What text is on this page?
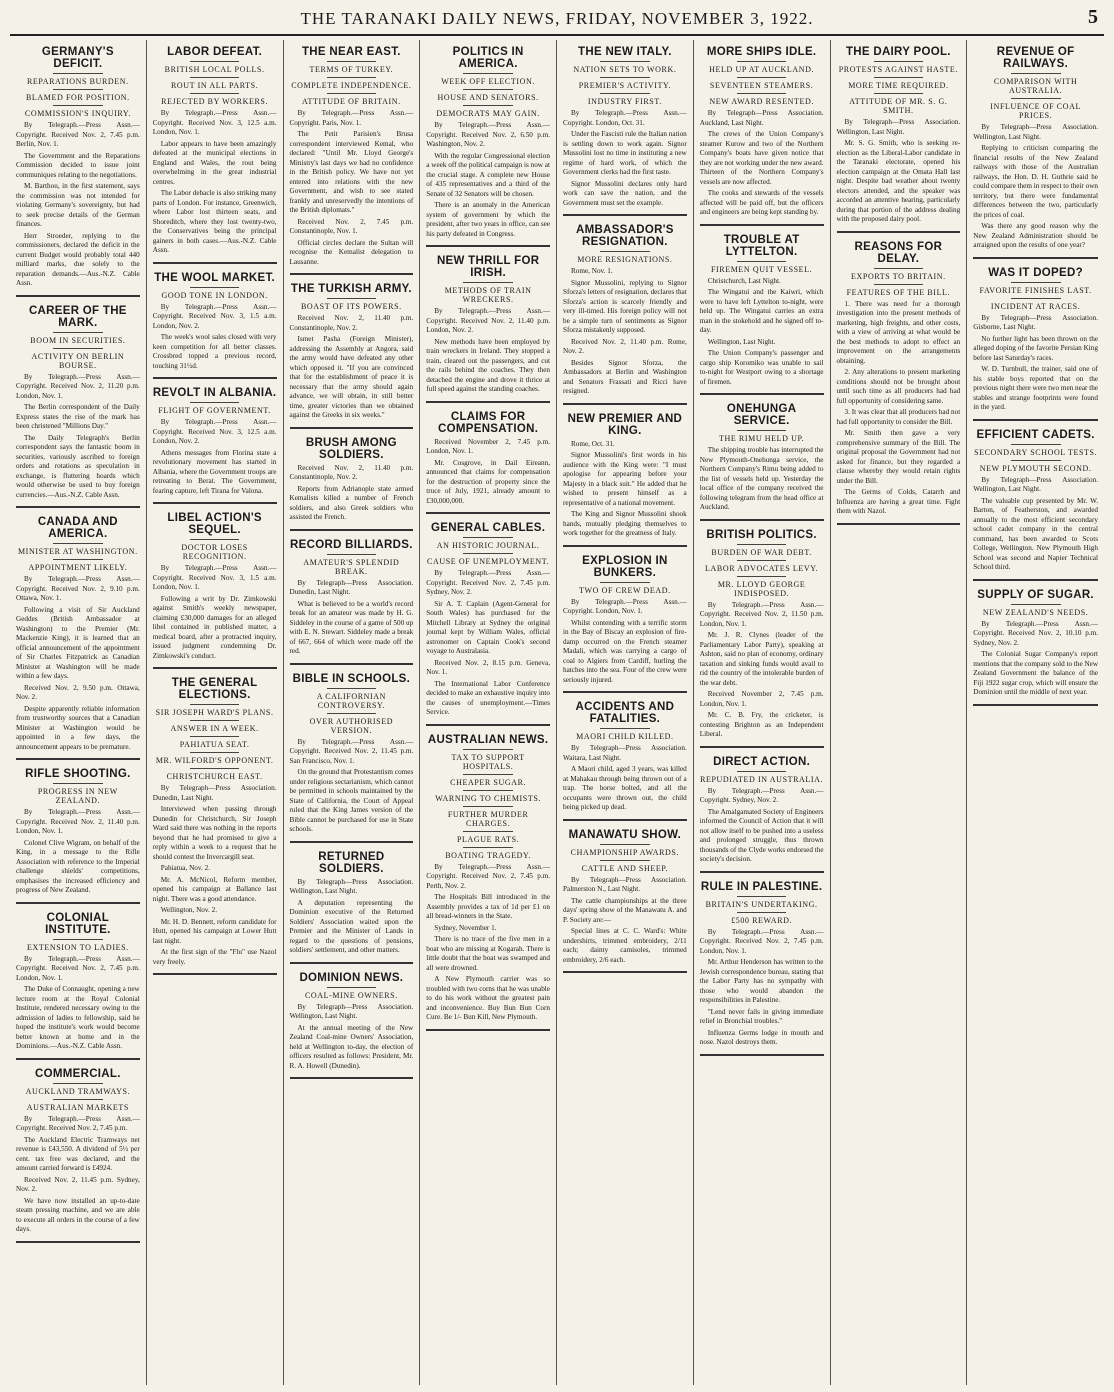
THE TARANAKI DAILY NEWS, FRIDAY, NOVEMBER 3, 1922.	5
GERMANY'S DEFICIT.
REPARATIONS BURDEN.
BLAMED FOR POSITION.
COMMISSION'S INQUIRY.

By Telegraph.—Press Assn.—Copyright. Received Nov. 2, 7.45 p.m. Berlin, Nov. 1.

The Government and the Reparations Commission decided to issue joint communiques relating to the negotiations.

M. Barthou, in the first statement, says the commission was not intended for violating Germany's sovereignty, but had to seek precise details of the German finances.

Herr Stroeder, replying to the commissioners, declared the deficit in the current Budget would probably total 440 milliard marks, due solely to the reparation demands.—Aus.-N.Z. Cable Assn.

CAREER OF THE MARK.
BOOM IN SECURITIES.
ACTIVITY ON BERLIN BOURSE.

By Telegraph.—Press Assn.—Copyright. Received Nov. 2, 11.20 p.m. London, Nov. 1.

The Berlin correspondent of the Daily Express states the rise of the mark has been christened "Millions Day."

The Daily Telegraph's Berlin correspondent says the fantastic boom in securities, variously ascribed to foreign orders and rotations as speculation in exchange, is fluttering hoards which would otherwise be used to buy foreign currencies.—Aus.-N.Z. Cable Assn.

CANADA AND AMERICA.
MINISTER AT WASHINGTON.
APPOINTMENT LIKELY.

By Telegraph.—Press Assn.—Copyright. Received Nov. 2, 9.10 p.m. Ottawa, Nov. 1.

Following a visit of Sir Auckland Geddes (British Ambassador at Washington) to the Premier (Mr. Mackenzie King), it is learned that an official announcement of the appointment of Sir Charles Fitzpatrick as Canadian Minister at Washington will be made within a few days.

Received Nov. 2, 9.50 p.m. Ottawa, Nov. 2.

Despite apparently reliable information from trustworthy sources that a Canadian Minister at Washington would be appointed in a few days, the announcement appears to be premature.

RIFLE SHOOTING.
PROGRESS IN NEW ZEALAND.

By Telegraph.—Press Assn.—Copyright. Received Nov. 2, 11.40 p.m. London, Nov. 1.

Colonel Clive Wigram, on behalf of the King, in a message to the Rifle Association with reference to the Imperial challenge shields' competitions, emphasises the increased efficiency and progress of New Zealand.

COLONIAL INSTITUTE.
EXTENSION TO LADIES.

By Telegraph.—Press Assn.—Copyright. Received Nov. 2, 7.45 p.m. London, Nov. 1.

The Duke of Connaught, opening a new lecture room at the Royal Colonial Institute, rendered necessary owing to the admission of ladies to fellowship, said he hoped the institute's work would become better known at home and in the Dominions.—Aus.-N.Z. Cable Assn.

COMMERCIAL.
AUCKLAND TRAMWAYS.
AUSTRALIAN MARKETS

By Telegraph.—Press Assn.—Copyright. Received Nov. 2, 7.45 p.m.

The Auckland Electric Tramways net revenue is £43,550. A dividend of 5½ per cent. tax free was declared, and the amount carried forward is £4924.

Received Nov. 2, 11.45 p.m. Sydney, Nov. 2.

We have now installed an up-to-date steam pressing machine, and we are able to execute all orders in the course of a few days.

LABOR DEFEAT.
BRITISH LOCAL POLLS.
ROUT IN ALL PARTS.
REJECTED BY WORKERS.

By Telegraph.—Press Assn.—Copyright. Received Nov. 3, 12.5 a.m. London, Nov. 1.

Labor appears to have been amazingly defeated at the municipal elections in England and Wales, the rout being overwhelming in the great industrial centres.

The Labor debacle is also striking many parts of London. For instance, Greenwich, where Labor lost thirteen seats, and Shoreditch, where they lost twenty-two, the Conservatives being the principal gainers in both cases.—Aus.-N.Z. Cable Assn.

THE WOOL MARKET.
GOOD TONE IN LONDON.

By Telegraph.—Press Assn.—Copyright. Received Nov. 3, 1.5 a.m. London, Nov. 2.

The week's wool sales closed with very keen competition for all better classes. Crossbred topped a previous record, touching 31½d.

REVOLT IN ALBANIA.
FLIGHT OF GOVERNMENT.

By Telegraph.—Press Assn.—Copyright. Received Nov. 3, 12.5 a.m. London, Nov. 2.

Athens messages from Florina state a revolutionary movement has started in Albania, where the Government troops are retreating to Berat. The Government, fearing capture, left Tirana for Valona.

LIBEL ACTION'S SEQUEL.
DOCTOR LOSES RECOGNITION.

By Telegraph.—Press Assn.—Copyright. Received Nov. 3, 1.5 a.m. London, Nov. 1.

Following a writ by Dr. Zimkowski against Smith's weekly newspaper, claiming £30,000 damages for an alleged libel contained in published matter, a medical board, after a protracted inquiry, issued judgment condemning Dr. Zimkowski's conduct.

THE GENERAL ELECTIONS.
SIR JOSEPH WARD'S PLANS.
ANSWER IN A WEEK.
PAHIATUA SEAT.
MR. WILFORD'S OPPONENT.
CHRISTCHURCH EAST.

By Telegraph—Press Association. Dunedin, Last Night.

Interviewed when passing through Dunedin for Christchurch, Sir Joseph Ward said there was nothing in the reports beyond that he had promised to give a reply within a week to a request that he should contest the Invercargill seat.

Pahiatua, Nov. 2.

Mr. A. McNicol, Reform member, opened his campaign at Ballance last night. There was a good attendance.

Wellington, Nov. 2.

Mr. H. D. Bennett, reform candidate for Hutt, opened his campaign at Lower Hutt last night.

At the first sign of the "Flu" use Nazol very freely.

THE NEAR EAST.
TERMS OF TURKEY.
COMPLETE INDEPENDENCE.
ATTITUDE OF BRITAIN.

By Telegraph.—Press Assn.—Copyright. Paris, Nov. 1.

The Petit Parisien's Brusa correspondent interviewed Kemal, who declared: "Until Mr. Lloyd George's Ministry's last days we had no confidence in the British policy. We have not yet entered into relations with the new Government, and wish to see stated frankly and unreservedly the intentions of the British diplomats."

Received Nov. 2, 7.45 p.m. Constantinople, Nov. 1.

Official circles declare the Sultan will recognise the Kemalist delegation to Lausanne.

THE TURKISH ARMY.
BOAST OF ITS POWERS.

Received Nov. 2, 11.40 p.m. Constantinople, Nov. 2.

Ismet Pasha (Foreign Minister), addressing the Assembly at Angora, said the army would have defeated any other which opposed it. "If you are convinced that for the establishment of peace it is necessary that the army should again advance, we will obtain, in still better time, greater victories than we obtained against the Greeks in six weeks."

BRUSH AMONG SOLDIERS.

Received Nov. 2, 11.40 p.m. Constantinople, Nov. 2.

Reports from Adrianople state armed Kemalists killed a number of French soldiers, and also Greek soldiers who assisted the French.

RECORD BILLIARDS.
AMATEUR'S SPLENDID BREAK.

By Telegraph—Press Association. Dunedin, Last Night.

What is believed to be a world's record break for an amateur was made by H. G. Siddeley in the course of a game of 500 up with E. N. Stewart. Siddeley made a break of 667, 664 of which were made off the red.

BIBLE IN SCHOOLS.
A CALIFORNIAN CONTROVERSY.
OVER AUTHORISED VERSION.

By Telegraph.—Press Assn.—Copyright. Received Nov. 2, 11.45 p.m. San Francisco, Nov. 1.

On the ground that Protestantism comes under religious sectarianism, which cannot be permitted in schools maintained by the State of California, the Court of Appeal ruled that the King James version of the Bible cannot be purchased for use in State schools.

RETURNED SOLDIERS.

By Telegraph—Press Association. Wellington, Last Night.

A deputation representing the Dominion executive of the Returned Soldiers' Association waited upon the Premier and the Minister of Lands in regard to the questions of pensions, soldiers' settlement, and other matters.

DOMINION NEWS.
COAL-MINE OWNERS.

By Telegraph—Press Association. Wellington, Last Night.

At the annual meeting of the New Zealand Coal-mine Owners' Association, held at Wellington to-day, the election of officers resulted as follows: President, Mr. R. A. Howell (Dunedin).

POLITICS IN AMERICA.
WEEK OFF ELECTION.
HOUSE AND SENATORS.
DEMOCRATS MAY GAIN.

By Telegraph.—Press Assn.—Copyright. Received Nov. 2, 6.50 p.m. Washington, Nov. 2.

With the regular Congressional election a week off the political campaign is now at the crucial stage. A complete new House of 435 representatives and a third of the Senate of 32 Senators will be chosen.

There is an anomaly in the American system of government by which the president, after two years in office, can see his party defeated in Congress.

NEW THRILL FOR IRISH.
METHODS OF TRAIN WRECKERS.

By Telegraph.—Press Assn.—Copyright. Received Nov. 2, 11.40 p.m. London, Nov. 2.

New methods have been employed by train wreckers in Ireland. They stopped a train, cleared out the passengers, and cut the rails behind the coaches. They then detached the engine and drove it thrice at full speed against the standing coaches.

CLAIMS FOR COMPENSATION.

Received November 2, 7.45 p.m. London, Nov. 1.

Mr. Cosgrove, in Dail Eireann, announced that claims for compensation for the destruction of property since the truce of July, 1921, already amount to £30,000,000.

GENERAL CABLES.
AN HISTORIC JOURNAL.
CAUSE OF UNEMPLOYMENT.

By Telegraph.—Press Assn.—Copyright. Received Nov. 2, 7.45 p.m. Sydney, Nov. 2.

Sir A. T. Caplain (Agent-General for South Wales) has purchased for the Mitchell Library at Sydney the original journal kept by William Wales, official astronomer on Captain Cook's second voyage to Australasia.

Received Nov. 2, 8.15 p.m. Geneva, Nov. 1.

The International Labor Conference decided to make an exhaustive inquiry into the causes of unemployment.—Times Service.

AUSTRALIAN NEWS.
TAX TO SUPPORT HOSPITALS.
CHEAPER SUGAR.
WARNING TO CHEMISTS.
FURTHER MURDER CHARGES.
PLAGUE RATS.
BOATING TRAGEDY.

By Telegraph.—Press Assn.—Copyright. Received Nov. 2, 7.45 p.m. Perth, Nov. 2.

The Hospitals Bill introduced in the Assembly provides a tax of 1d per £1 on all bread-winners in the State.

Sydney, November 1.

There is no trace of the five men in a boat who are missing at Kogarah. There is little doubt that the boat was swamped and all were drowned.

A New Plymouth carrier was so troubled with two corns that he was unable to do his work without the greatest pain and inconvenience. Buy Bun Bun Corn Cure. Be 1/- Bun Kill, New Plymouth.

THE NEW ITALY.
NATION SETS TO WORK.
PREMIER'S ACTIVITY.
INDUSTRY FIRST.

By Telegraph.—Press Assn.—Copyright. London, Oct. 31.

Under the Fascisti rule the Italian nation is settling down to work again. Signor Mussolini lost no time in instituting a new regime of hard work, of which the Government clerks had the first taste.

Signor Mussolini declares only hard work can save the nation, and the Government must set the example.

AMBASSADOR'S RESIGNATION.
MORE RESIGNATIONS.

Rome, Nov. 1.

Signor Mussolini, replying to Signor Sforza's letters of resignation, declares that Sforza's action is scarcely friendly and very ill-timed. His foreign policy will not be a simple turn of sentiments as Signor Sforza mistakenly supposed.

Received Nov. 2, 11.40 p.m. Rome, Nov. 2.

Besides Signor Sforza, the Ambassadors at Berlin and Washington and Senators Frassati and Ricci have resigned.

NEW PREMIER AND KING.

Rome, Oct. 31.

Signor Mussolini's first words in his audience with the King were: "I must apologise for appearing before your Majesty in a black suit." He added that he wished to present himself as a representative of a national movement.

The King and Signor Mussolini shook hands, mutually pledging themselves to work together for the greatness of Italy.

EXPLOSION IN BUNKERS.
TWO OF CREW DEAD.

By Telegraph.—Press Assn.—Copyright. London, Nov. 1.

Whilst contending with a terrific storm in the Bay of Biscay an explosion of fire-damp occurred on the French steamer Madali, which was carrying a cargo of coal to Algiers from Cardiff, hurling the hatches into the sea. Four of the crew were seriously injured.

ACCIDENTS AND FATALITIES.
MAORI CHILD KILLED.

By Telegraph—Press Association. Waitara, Last Night.

A Maori child, aged 3 years, was killed at Mahakau through being thrown out of a trap. The horse bolted, and all the occupants were thrown out, the child being picked up dead.

MANAWATU SHOW.
CHAMPIONSHIP AWARDS.
CATTLE AND SHEEP.

By Telegraph—Press Association. Palmerston N., Last Night.

The cattle championships at the three days' spring show of the Manawatu A. and P. Society are:—

Special lines at C. C. Ward's: White undershirts, trimmed embroidery, 2/11 each; dainty camisoles, trimmed embroidery, 2/6 each.

MORE SHIPS IDLE.
HELD UP AT AUCKLAND.
SEVENTEEN STEAMERS.
NEW AWARD RESENTED.

By Telegraph—Press Association. Auckland, Last Night.

The crews of the Union Company's steamer Kurow and two of the Northern Company's boats have given notice that they are not working under the new award. Thirteen of the Northern Company's vessels are now affected.

The cooks and stewards of the vessels affected will be paid off, but the officers and engineers are being kept standing by.

TROUBLE AT LYTTELTON.
FIREMEN QUIT VESSEL.

Christchurch, Last Night.

The Wingatui and the Kaiwri, which were to have left Lyttelton to-night, were held up. The Wingatui carries an extra man in the stokehold and he signed off to-day.

Wellington, Last Night.

The Union Company's passenger and cargo ship Koromiko was unable to sail to-night for Westport owing to a shortage of firemen.

ONEHUNGA SERVICE.
THE RIMU HELD UP.

The shipping trouble has interrupted the New Plymouth-Onehunga service, the Northern Company's Rimu being added to the list of vessels held up. Yesterday the local office of the company received the following telegram from the head office at Auckland.

BRITISH POLITICS.
BURDEN OF WAR DEBT.
LABOR ADVOCATES LEVY.
MR. LLOYD GEORGE INDISPOSED.

By Telegraph.—Press Assn.—Copyright. Received Nov. 2, 11.50 p.m. London, Nov. 1.

Mr. J. R. Clynes (leader of the Parliamentary Labor Party), speaking at Ashton, said no plan of economy, ordinary taxation and sinking funds would avail to rid the country of the intolerable burden of the war debt.

Received November 2, 7.45 p.m. London, Nov. 1.

Mr. C. B. Fry, the cricketer, is contesting Brighton as an Independent Liberal.

DIRECT ACTION.
REPUDIATED IN AUSTRALIA.

By Telegraph.—Press Assn.—Copyright. Sydney, Nov. 2.

The Amalgamated Society of Engineers informed the Council of Action that it will not allow itself to be pushed into a useless and prolonged struggle, thus thrown thousands of the Clyde works endorsed the society's decision.

RULE IN PALESTINE.
BRITAIN'S UNDERTAKING.
£500 REWARD.

By Telegraph.—Press Assn.—Copyright. Received Nov. 2, 7.45 p.m. London, Nov. 1.

Mr. Arthur Henderson has written to the Jewish correspondence bureau, stating that the Labor Party has no sympathy with those who would abandon the responsibilities in Palestine.

"Lend never fails in giving immediate relief in Bronchial troubles."

Influenza Germs lodge in mouth and nose. Nazol destroys them.

THE DAIRY POOL.
PROTESTS AGAINST HASTE.
MORE TIME REQUIRED.
ATTITUDE OF MR. S. G. SMITH.

By Telegraph—Press Association. Wellington, Last Night.

Mr. S. G. Smith, who is seeking re-election as the Liberal-Labor candidate in the Taranaki electorate, opened his election campaign at the Omata Hall last night. Despite bad weather about twenty electors attended, and the speaker was accorded an attentive hearing, particularly during that portion of the address dealing with the proposed dairy pool.

REASONS FOR DELAY.
EXPORTS TO BRITAIN.
FEATURES OF THE BILL.

1. There was need for a thorough investigation into the present methods of marketing, high freights, and other costs, with a view of arriving at what would be the best methods to adopt to effect an improvement on the arrangements obtaining.

2. Any alterations to present marketing conditions should not be brought about until such time as all producers had had full opportunity of considering same.

3. It was clear that all producers had not had full opportunity to consider the Bill.

Mr. Smith then gave a very comprehensive summary of the Bill. The original proposal the Government had not asked for finance, but they regarded a clause whereby they would retain rights under the Bill.

The Germs of Colds, Catarrh and Influenza are having a great time. Fight them with Nazol.

REVENUE OF RAILWAYS.
COMPARISON WITH AUSTRALIA.
INFLUENCE OF COAL PRICES.

By Telegraph—Press Association. Wellington, Last Night.

Replying to criticism comparing the financial results of the New Zealand railways with those of the Australian railways, the Hon. D. H. Guthrie said he could compare them in respect to their own territory, but there were fundamental differences between the two, particularly the prices of coal.

Was there any good reason why the New Zealand Administration should be arraigned upon the results of one year?

WAS IT DOPED?
FAVORITE FINISHES LAST.
INCIDENT AT RACES.

By Telegraph—Press Association. Gisborne, Last Night.

No further light has been thrown on the alleged doping of the favorite Persian King before last Saturday's races.

W. D. Turnbull, the trainer, said one of his stable boys reported that on the previous night there were two men near the stables and strange footprints were found in the yard.

EFFICIENT CADETS.
SECONDARY SCHOOL TESTS.
NEW PLYMOUTH SECOND.

By Telegraph—Press Association. Wellington, Last Night.

The valuable cup presented by Mr. W. Barton, of Featherston, and awarded annually to the most efficient secondary school cadet company in the central command, has been awarded to Scots College, Wellington. New Plymouth High School was second and Napier Technical School third.

SUPPLY OF SUGAR.
NEW ZEALAND'S NEEDS.

By Telegraph.—Press Assn.—Copyright. Received Nov. 2, 10.10 p.m. Sydney, Nov. 2.

The Colonial Sugar Company's report mentions that the company sold to the New Zealand Government the balance of the Fiji 1922 sugar crop, which will ensure the Dominion until the middle of next year.
